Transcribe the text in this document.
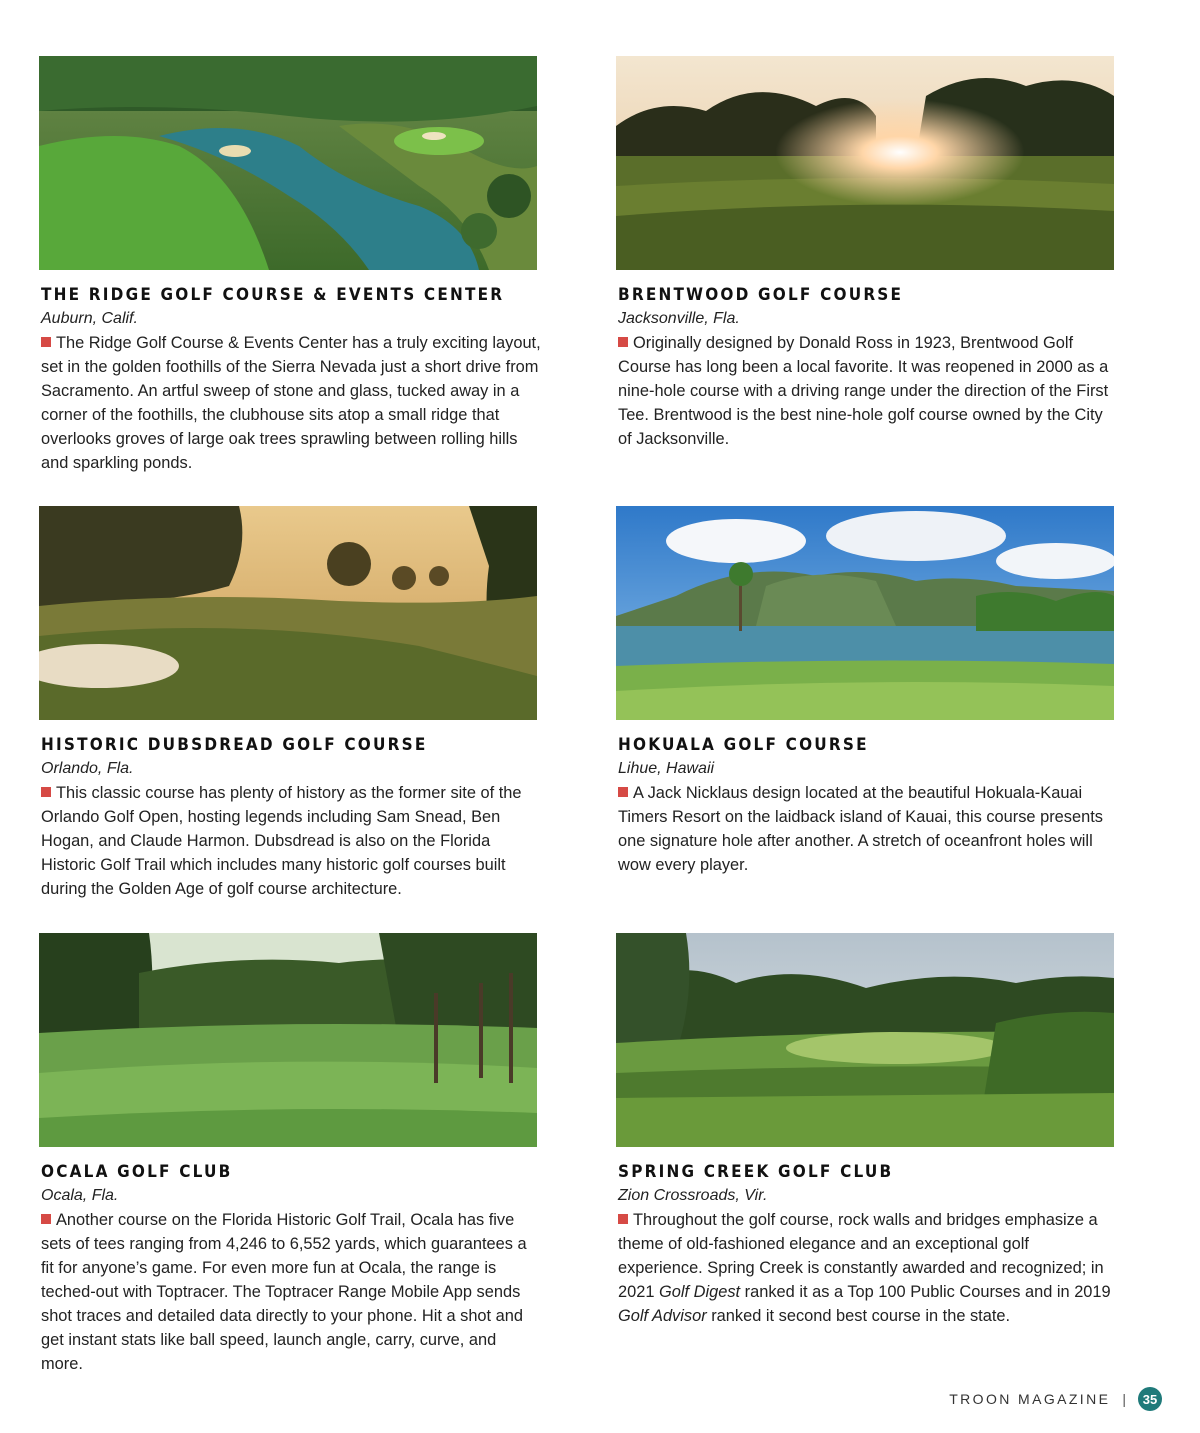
THE RIDGE GOLF COURSE & EVENTS CENTER

Auburn, Calif.

The Ridge Golf Course & Events Center has a truly exciting layout, set in the golden foothills of the Sierra Nevada just a short drive from Sacramento. An artful sweep of stone and glass, tucked away in a corner of the foothills, the clubhouse sits atop a small ridge that overlooks groves of large oak trees sprawling between rolling hills and sparkling ponds.

BRENTWOOD GOLF COURSE

Jacksonville, Fla.

Originally designed by Donald Ross in 1923, Brentwood Golf Course has long been a local favorite. It was reopened in 2000 as a nine-hole course with a driving range under the direction of the First Tee. Brentwood is the best nine-hole golf course owned by the City of Jacksonville.

HISTORIC DUBSDREAD GOLF COURSE

Orlando, Fla.

This classic course has plenty of history as the former site of the Orlando Golf Open, hosting legends including Sam Snead, Ben Hogan, and Claude Harmon. Dubsdread is also on the Florida Historic Golf Trail which includes many historic golf courses built during the Golden Age of golf course architecture.

HOKUALA GOLF COURSE

Lihue, Hawaii

A Jack Nicklaus design located at the beautiful Hokuala-Kauai Timers Resort on the laidback island of Kauai, this course presents one signature hole after another. A stretch of oceanfront holes will wow every player.

OCALA GOLF CLUB

Ocala, Fla.

Another course on the Florida Historic Golf Trail, Ocala has five sets of tees ranging from 4,246 to 6,552 yards, which guarantees a fit for anyone’s game. For even more fun at Ocala, the range is teched-out with Toptracer. The Toptracer Range Mobile App sends shot traces and detailed data directly to your phone. Hit a shot and get instant stats like ball speed, launch angle, carry, curve, and more.

SPRING CREEK GOLF CLUB

Zion Crossroads, Vir.

Throughout the golf course, rock walls and bridges emphasize a theme of old-fashioned elegance and an exceptional golf experience. Spring Creek is constantly awarded and recognized; in 2021 Golf Digest ranked it as a Top 100 Public Courses and in 2019 Golf Advisor ranked it second best course in the state.

TROON MAGAZINE |	35
